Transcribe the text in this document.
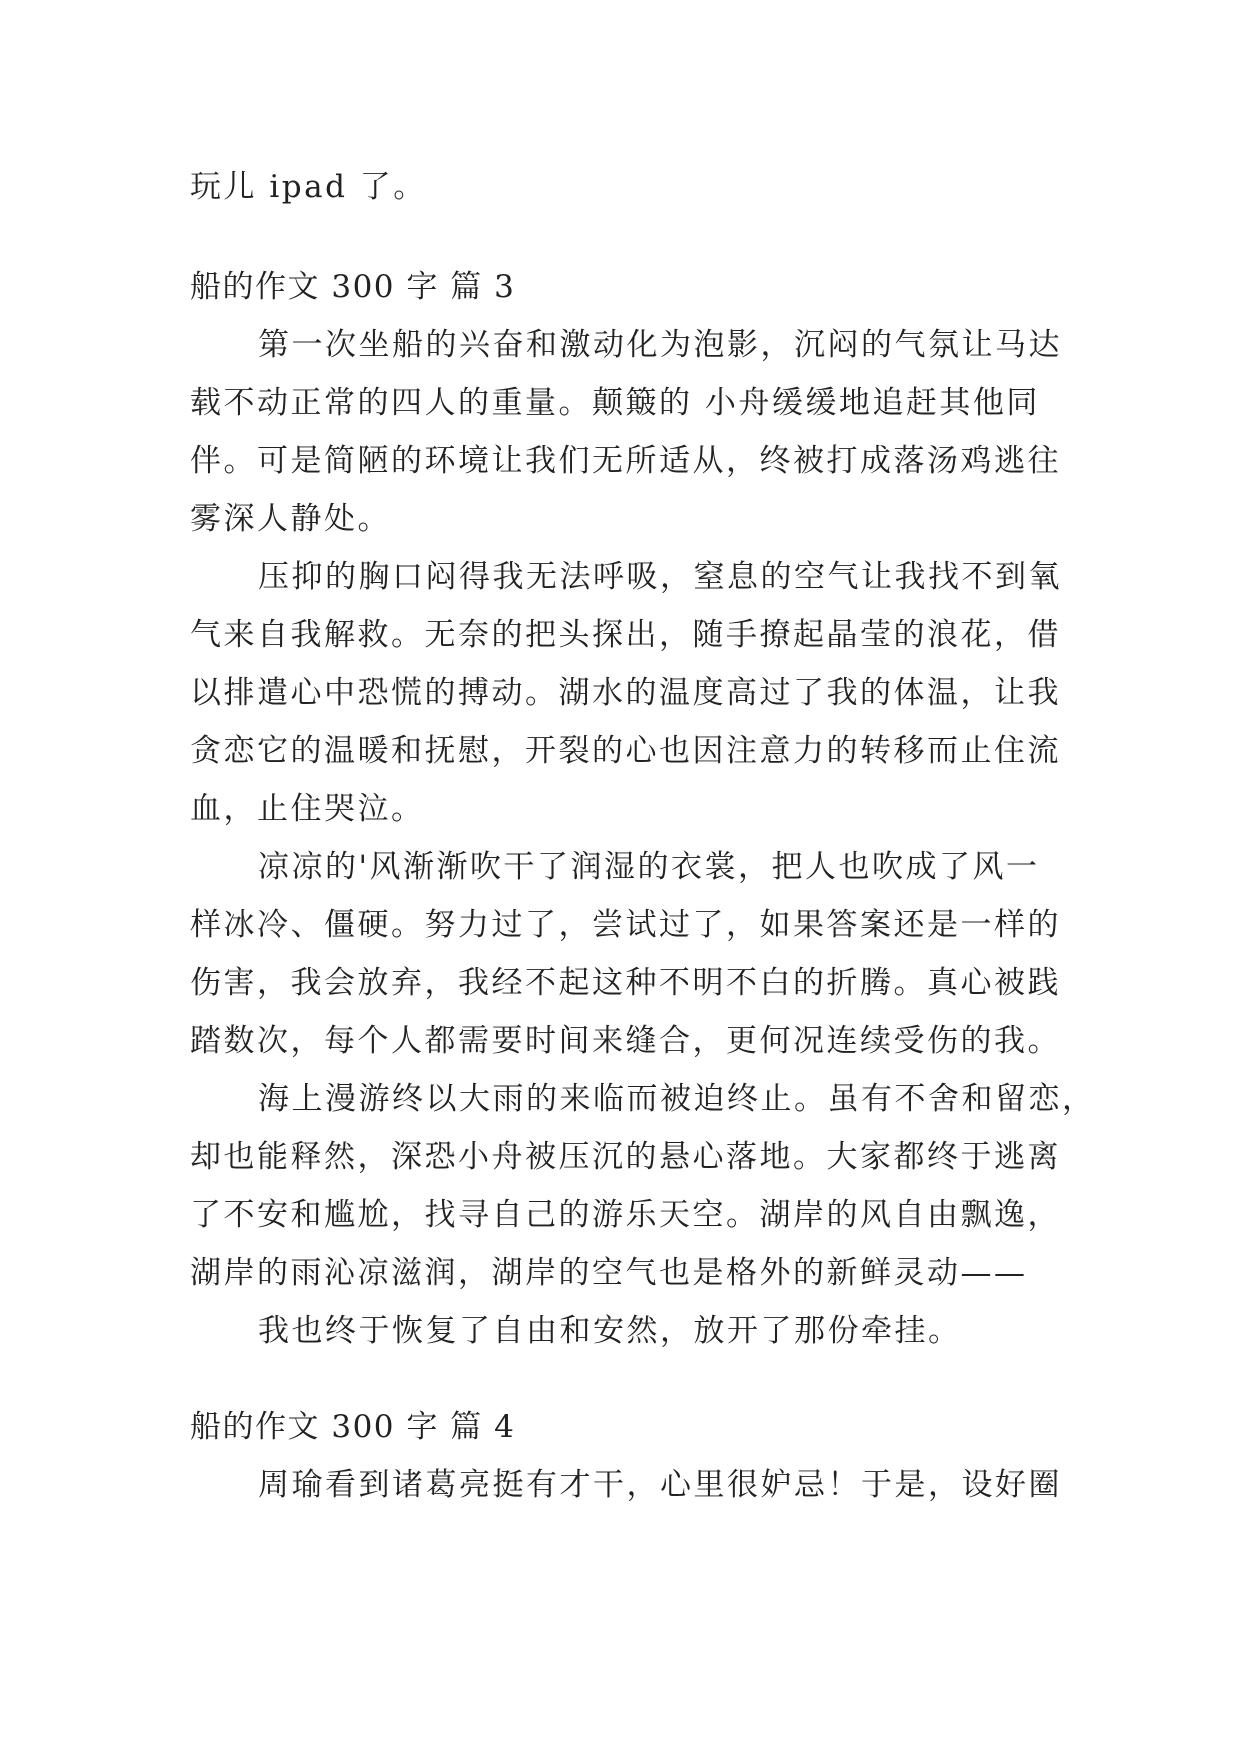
玩儿 ipad 了。
船的作文 300 字 篇 3
第一次坐船的兴奋和激动化为泡影，沉闷的气氛让马达
载不动正常的四人的重量。颠簸的 小舟缓缓地追赶其他同
伴。可是简陋的环境让我们无所适从，终被打成落汤鸡逃往
雾深人静处。
压抑的胸口闷得我无法呼吸，窒息的空气让我找不到氧
气来自我解救。无奈的把头探出，随手撩起晶莹的浪花，借
以排遣心中恐慌的搏动。湖水的温度高过了我的体温，让我
贪恋它的温暖和抚慰，开裂的心也因注意力的转移而止住流
血，止住哭泣。
凉凉的'风渐渐吹干了润湿的衣裳，把人也吹成了风一
样冰冷、僵硬。努力过了，尝试过了，如果答案还是一样的
伤害，我会放弃，我经不起这种不明不白的折腾。真心被践
踏数次，每个人都需要时间来缝合，更何况连续受伤的我。
海上漫游终以大雨的来临而被迫终止。虽有不舍和留恋，
却也能释然，深恐小舟被压沉的悬心落地。大家都终于逃离
了不安和尴尬，找寻自己的游乐天空。湖岸的风自由飘逸，
湖岸的雨沁凉滋润，湖岸的空气也是格外的新鲜灵动——
我也终于恢复了自由和安然，放开了那份牵挂。
船的作文 300 字 篇 4
周瑜看到诸葛亮挺有才干，心里很妒忌！于是，设好圈
